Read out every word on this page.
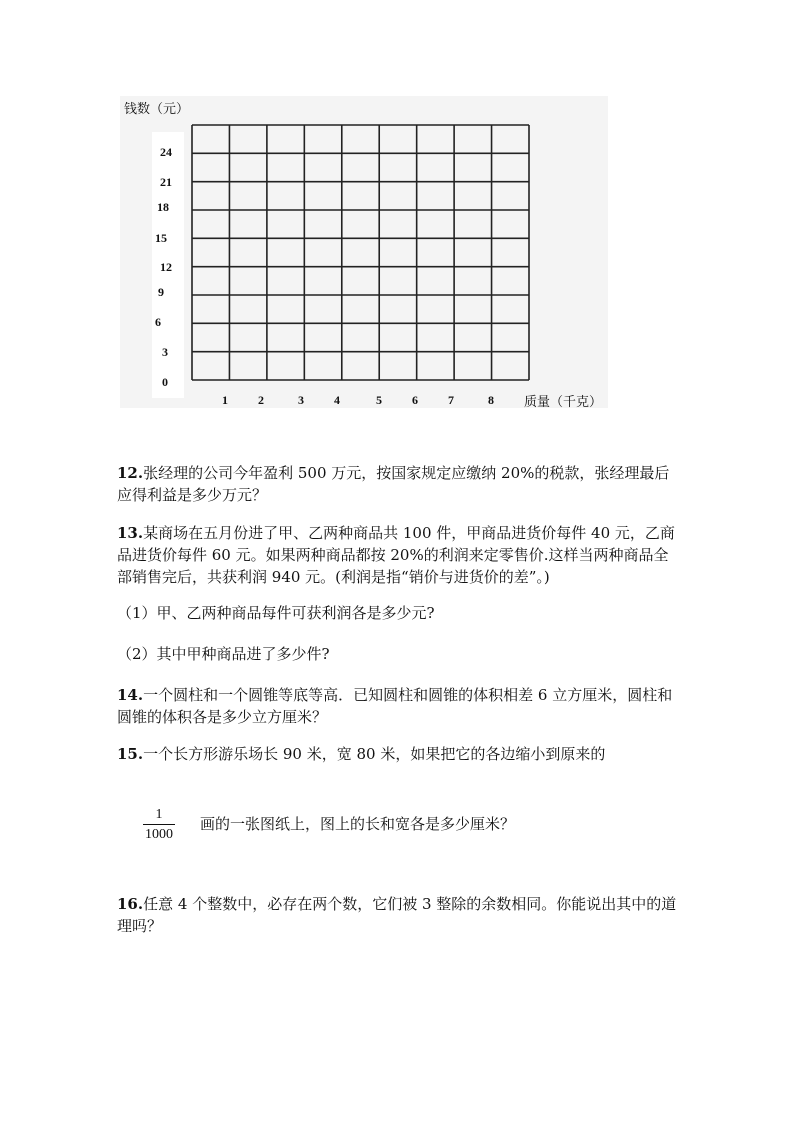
钱数（元）
质量（千克）
24
21
18
15
12
9
6
3
0
1	2	3	4	5	6	7	8
12.张经理的公司今年盈利 500 万元，按国家规定应缴纳 20%的税款，张经理最后应得利益是多少万元？
13.某商场在五月份进了甲、乙两种商品共 100 件，甲商品进货价每件 40 元，乙商品进货价每件 60 元。如果两种商品都按 20%的利润来定零售价.这样当两种商品全部销售完后，共获利润 940 元。(利润是指“销价与进货价的差”。)
（1）甲、乙两种商品每件可获利润各是多少元?
（2）其中甲种商品进了多少件?
14.一个圆柱和一个圆锥等底等高．已知圆柱和圆锥的体积相差 6 立方厘米，圆柱和圆锥的体积各是多少立方厘米？
15.一个长方形游乐场长 90 米，宽 80 米，如果把它的各边缩小到原来的
1
1000
画的一张图纸上，图上的长和宽各是多少厘米？
16.任意 4 个整数中，必存在两个数，它们被 3 整除的余数相同。你能说出其中的道理吗？
